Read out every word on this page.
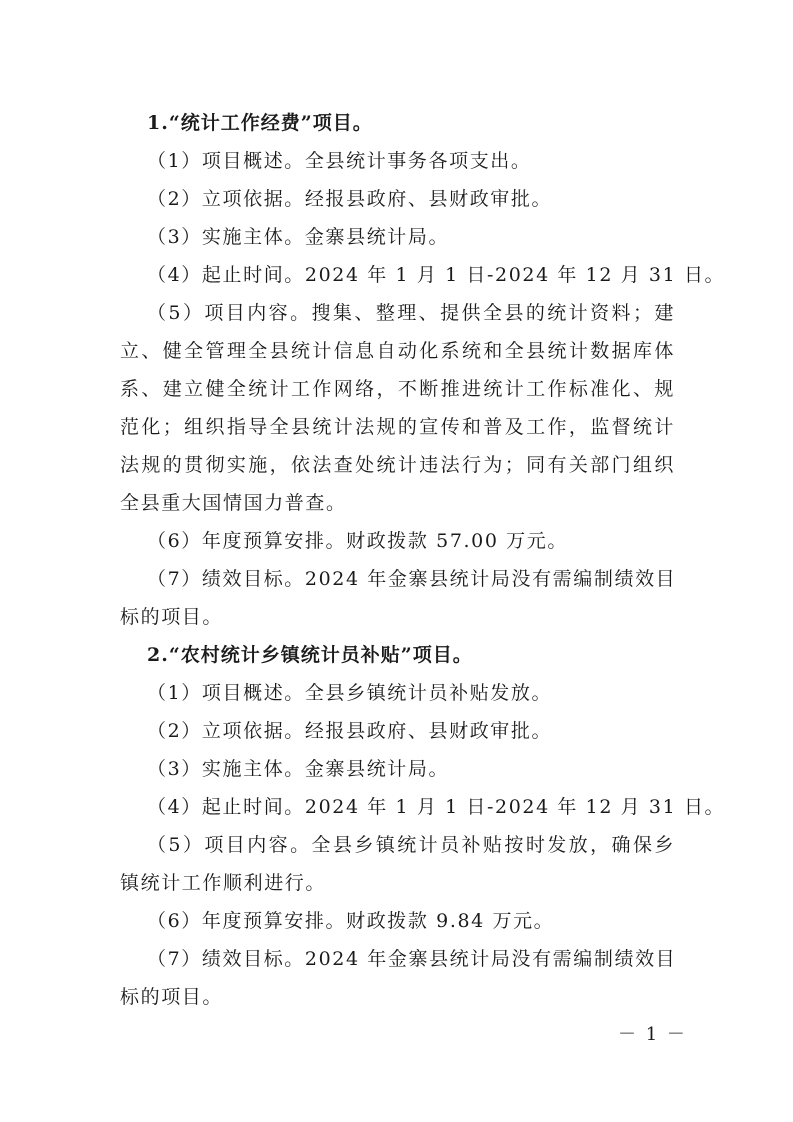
1.“统计工作经费”项目。
（1）项目概述。全县统计事务各项支出。
（2）立项依据。经报县政府、县财政审批。
（3）实施主体。金寨县统计局。
（4）起止时间。2024 年 1 月 1 日-2024 年 12 月 31 日。
（5）项目内容。搜集、整理、提供全县的统计资料；建
立、健全管理全县统计信息自动化系统和全县统计数据库体
系、建立健全统计工作网络，不断推进统计工作标准化、规
范化；组织指导全县统计法规的宣传和普及工作，监督统计
法规的贯彻实施，依法查处统计违法行为；同有关部门组织
全县重大国情国力普查。
（6）年度预算安排。财政拨款 57.00 万元。
（7）绩效目标。2024 年金寨县统计局没有需编制绩效目
标的项目。
2.“农村统计乡镇统计员补贴”项目。
（1）项目概述。全县乡镇统计员补贴发放。
（2）立项依据。经报县政府、县财政审批。
（3）实施主体。金寨县统计局。
（4）起止时间。2024 年 1 月 1 日-2024 年 12 月 31 日。
（5）项目内容。全县乡镇统计员补贴按时发放，确保乡
镇统计工作顺利进行。
（6）年度预算安排。财政拨款 9.84 万元。
（7）绩效目标。2024 年金寨县统计局没有需编制绩效目
标的项目。
－ 1 －
